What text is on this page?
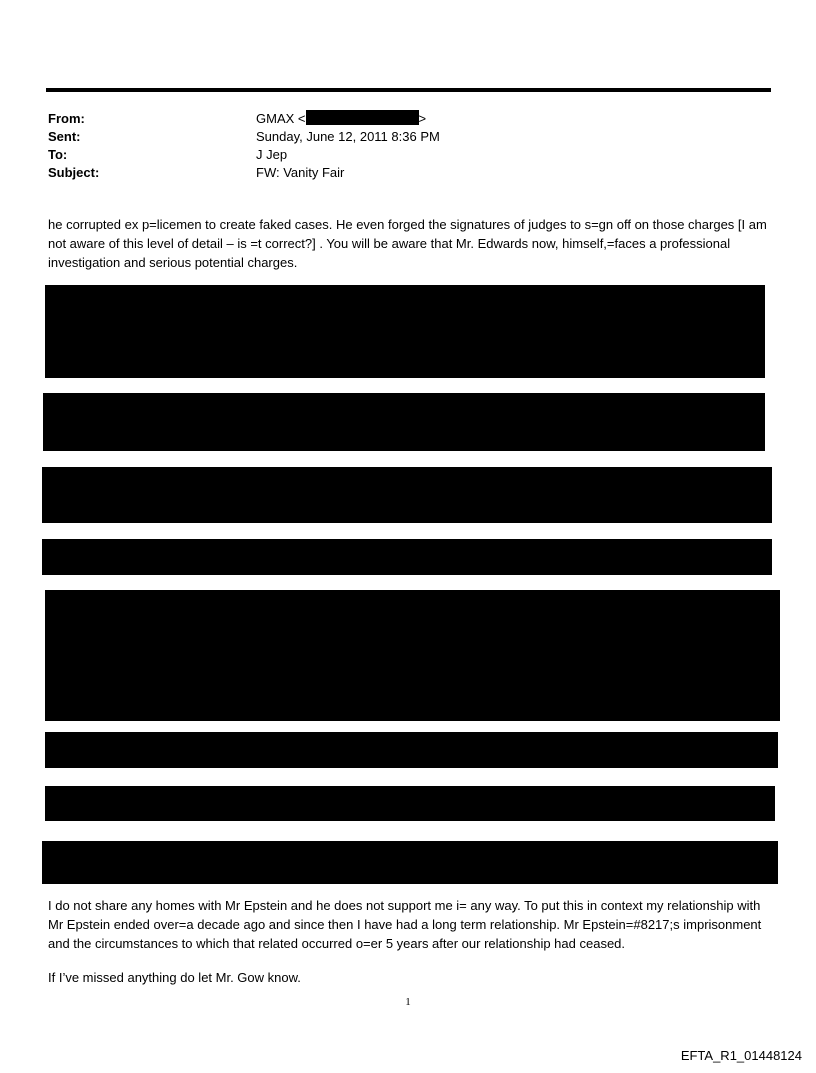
From:	GMAX <	>
Sent:	Sunday, June 12, 2011 8:36 PM
To:	J Jep
Subject:	FW: Vanity Fair
he corrupted ex p=licemen to create faked cases. He even forged the signatures of judges to s=gn off on those charges [I am not aware of this level of detail – is =t correct?] . You will be aware that Mr. Edwards now, himself,=faces a professional investigation and serious potential charges.
I do not share any homes with Mr Epstein and he does not support me i= any way. To put this in context my relationship with Mr Epstein ended over=a decade ago and since then I have had a long term relationship. Mr Epstein=#8217;s imprisonment and the circumstances to which that related occurred o=er 5 years after our relationship had ceased.
If I’ve missed anything do let Mr. Gow know.
1
EFTA_R1_01448124
